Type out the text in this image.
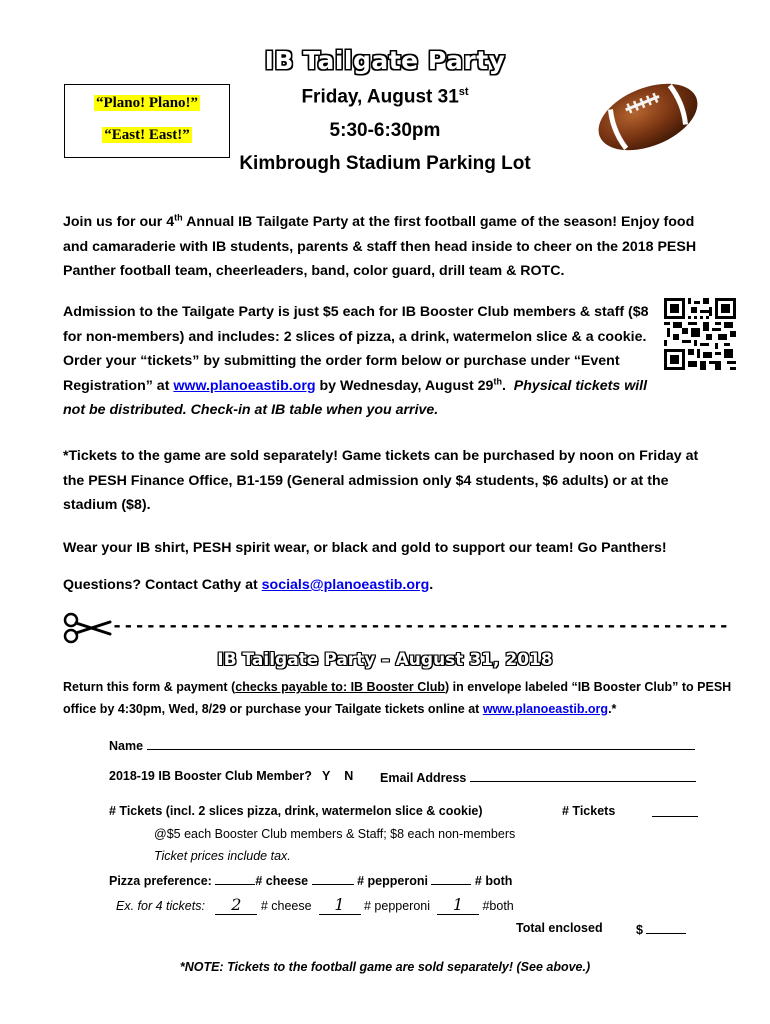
IB Tailgate Party
“Plano! Plano!”
“East! East!”
Friday, August 31st
5:30-6:30pm
Kimbrough Stadium Parking Lot
Join us for our 4th Annual IB Tailgate Party at the first football game of the season! Enjoy food and camaraderie with IB students, parents & staff then head inside to cheer on the 2018 PESH Panther football team, cheerleaders, band, color guard, drill team & ROTC.
Admission to the Tailgate Party is just $5 each for IB Booster Club members & staff ($8 for non-members) and includes: 2 slices of pizza, a drink, watermelon slice & a cookie. Order your “tickets” by submitting the order form below or purchase under “Event Registration” at www.planoeastib.org by Wednesday, August 29th. Physical tickets will not be distributed. Check-in at IB table when you arrive.
*Tickets to the game are sold separately! Game tickets can be purchased by noon on Friday at the PESH Finance Office, B1-159 (General admission only $4 students, $6 adults) or at the stadium ($8).
Wear your IB shirt, PESH spirit wear, or black and gold to support our team! Go Panthers!
Questions? Contact Cathy at socials@planoeastib.org.
-------------------------------------------------------
IB Tailgate Party – August 31, 2018
Return this form & payment (checks payable to: IB Booster Club) in envelope labeled “IB Booster Club” to PESH office by 4:30pm, Wed, 8/29 or purchase your Tailgate tickets online at www.planoeastib.org.*
Name
2018-19 IB Booster Club Member? Y N Email Address
# Tickets (incl. 2 slices pizza, drink, watermelon slice & cookie)	# Tickets
@$5 each Booster Club members & Staff; $8 each non-members
Ticket prices include tax.
Pizza preference:	# cheese	# pepperoni	# both
Ex. for 4 tickets: 2 # cheese 1 # pepperoni 1 #both
Total enclosed	$
*NOTE: Tickets to the football game are sold separately! (See above.)
